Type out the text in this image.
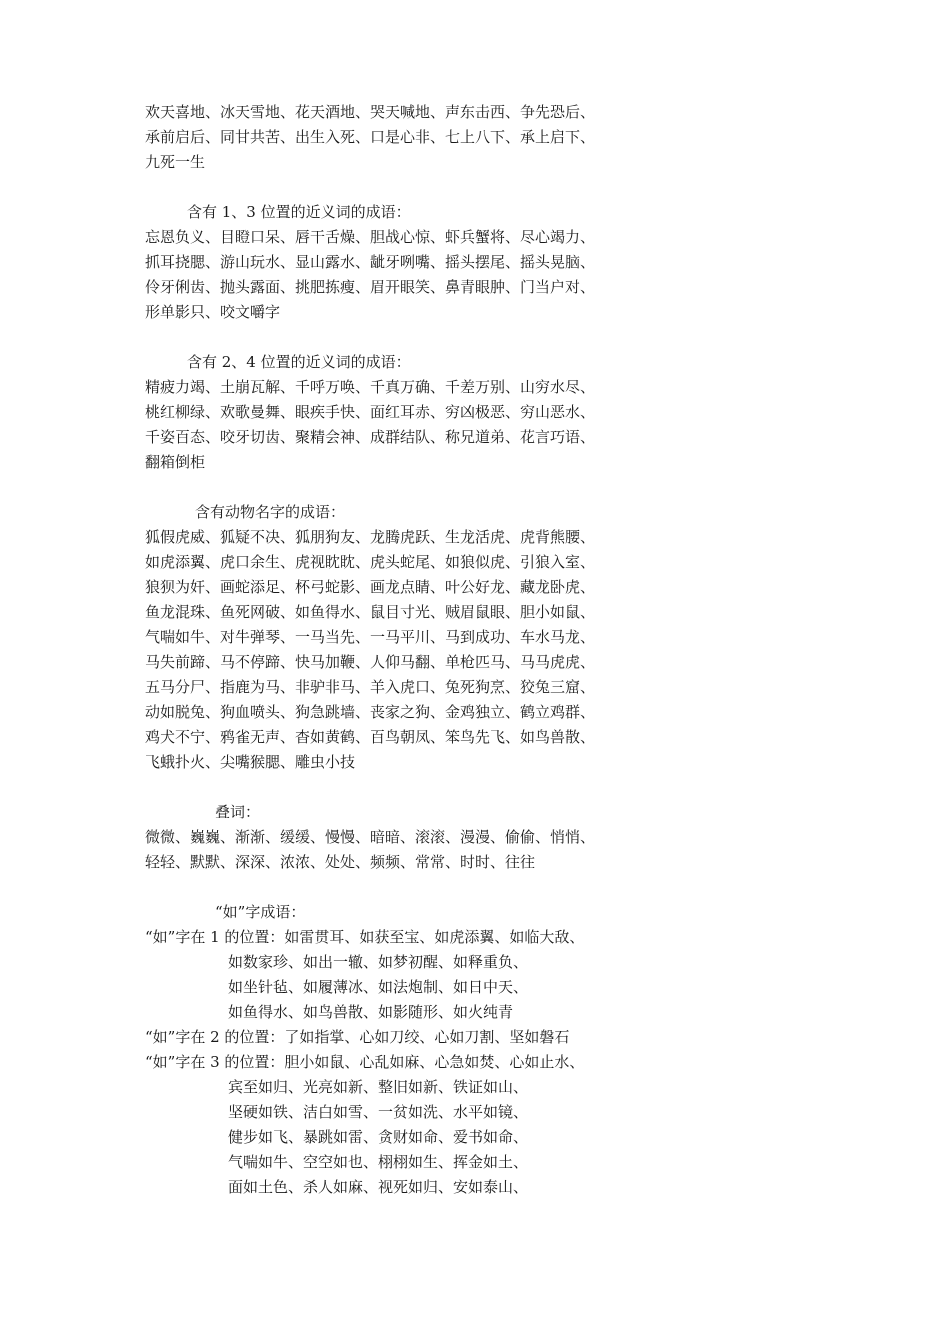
欢天喜地、冰天雪地、花天酒地、哭天喊地、声东击西、争先恐后、
承前启后、同甘共苦、出生入死、口是心非、七上八下、承上启下、
九死一生
含有 1、3 位置的近义词的成语：
忘恩负义、目瞪口呆、唇干舌燥、胆战心惊、虾兵蟹将、尽心竭力、
抓耳挠腮、游山玩水、显山露水、龇牙咧嘴、摇头摆尾、摇头晃脑、
伶牙俐齿、抛头露面、挑肥拣瘦、眉开眼笑、鼻青眼肿、门当户对、
形单影只、咬文嚼字
含有 2、4 位置的近义词的成语：
精疲力竭、土崩瓦解、千呼万唤、千真万确、千差万别、山穷水尽、
桃红柳绿、欢歌曼舞、眼疾手快、面红耳赤、穷凶极恶、穷山恶水、
千姿百态、咬牙切齿、聚精会神、成群结队、称兄道弟、花言巧语、
翻箱倒柜
含有动物名字的成语：
狐假虎威、狐疑不决、狐朋狗友、龙腾虎跃、生龙活虎、虎背熊腰、
如虎添翼、虎口余生、虎视眈眈、虎头蛇尾、如狼似虎、引狼入室、
狼狈为奸、画蛇添足、杯弓蛇影、画龙点睛、叶公好龙、藏龙卧虎、
鱼龙混珠、鱼死网破、如鱼得水、鼠目寸光、贼眉鼠眼、胆小如鼠、
气喘如牛、对牛弹琴、一马当先、一马平川、马到成功、车水马龙、
马失前蹄、马不停蹄、快马加鞭、人仰马翻、单枪匹马、马马虎虎、
五马分尸、指鹿为马、非驴非马、羊入虎口、兔死狗烹、狡兔三窟、
动如脱兔、狗血喷头、狗急跳墙、丧家之狗、金鸡独立、鹤立鸡群、
鸡犬不宁、鸦雀无声、杳如黄鹤、百鸟朝凤、笨鸟先飞、如鸟兽散、
飞蛾扑火、尖嘴猴腮、雕虫小技
叠词：
微微、巍巍、渐渐、缓缓、慢慢、暗暗、滚滚、漫漫、偷偷、悄悄、
轻轻、默默、深深、浓浓、处处、频频、常常、时时、往往
“如”字成语：
“如”字在 1 的位置：如雷贯耳、如获至宝、如虎添翼、如临大敌、
如数家珍、如出一辙、如梦初醒、如释重负、
如坐针毡、如履薄冰、如法炮制、如日中天、
如鱼得水、如鸟兽散、如影随形、如火纯青
“如”字在 2 的位置：了如指掌、心如刀绞、心如刀割、坚如磐石
“如”字在 3 的位置：胆小如鼠、心乱如麻、心急如焚、心如止水、
宾至如归、光亮如新、整旧如新、铁证如山、
坚硬如铁、洁白如雪、一贫如洗、水平如镜、
健步如飞、暴跳如雷、贪财如命、爱书如命、
气喘如牛、空空如也、栩栩如生、挥金如土、
面如土色、杀人如麻、视死如归、安如泰山、
